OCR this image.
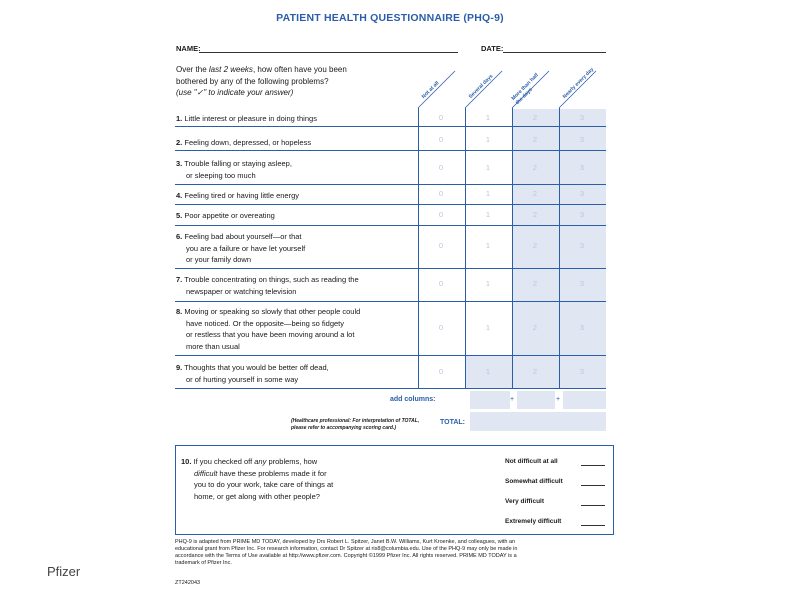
PATIENT HEALTH QUESTIONNAIRE (PHQ-9)
NAME:	DATE:
Over the last 2 weeks, how often have you been
bothered by any of the following problems?
(use "✓" to indicate your answer)	Not at all	Several days	More than half the days	Nearly every day
1. Little interest or pleasure in doing things	0	1	2	3
2. Feeling down, depressed, or hopeless	0	1	2	3
3. Trouble falling or staying asleep,
or sleeping too much
0	1	2	3
4. Feeling tired or having little energy	0	1	2	3
5. Poor appetite or overeating	0	1	2	3
6. Feeling bad about yourself—or that
you are a failure or have let yourself
or your family down
0	1	2	3
7. Trouble concentrating on things, such as reading the
newspaper or watching television
0	1	2	3
8. Moving or speaking so slowly that other people could
have noticed. Or the opposite—being so fidgety
or restless that you have been moving around a lot
more than usual
0	1	2	3
9. Thoughts that you would be better off dead,
or of hurting yourself in some way
0	1	2	3
add columns:	+	+
(Healthcare professional: For interpretation of TOTAL,
please refer to accompanying scoring card.)
TOTAL:
10. If you checked off any problems, how
difficult have these problems made it for
you to do your work, take care of things at
home, or get along with other people?
Not difficult at all
Somewhat difficult
Very difficult
Extremely difficult
PHQ-9 is adapted from PRIME MD TODAY, developed by Drs Robert L. Spitzer, Janet B.W. Williams, Kurt Kroenke, and colleagues, with an
educational grant from Pfizer Inc. For research information, contact Dr Spitzer at ris8@columbia.edu. Use of the PHQ-9 may only be made in
accordance with the Terms of Use available at http://www.pfizer.com. Copyright ©1999 Pfizer Inc. All rights reserved. PRIME MD TODAY is a
trademark of Pfizer Inc.
ZT242043
Pfizer
